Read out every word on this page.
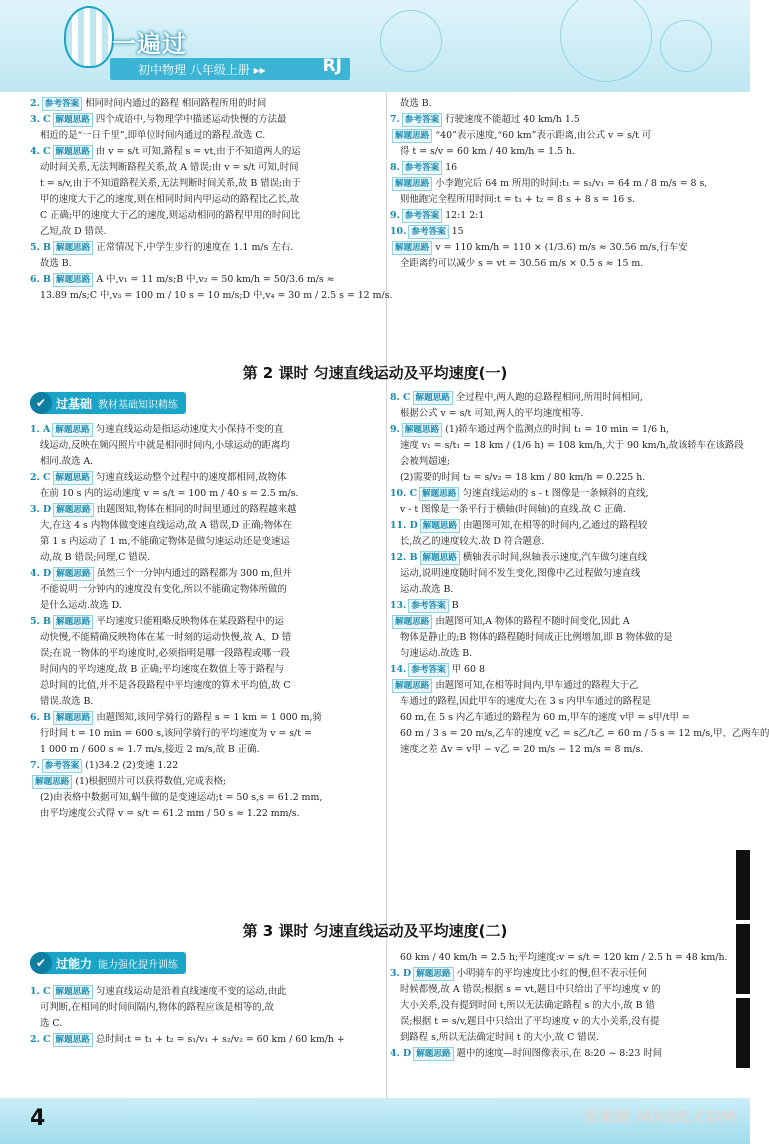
一遍过
初中物理 八年级上册 ▸▸	RJ
2. 参考答案 相同时间内通过的路程 相同路程所用的时间
3. C 解题思路 四个成语中,与物理学中描述运动快慢的方法最
相近的是“一日千里”,即单位时间内通过的路程.故选 C.
4. C 解题思路 由 v = s/t 可知,路程 s = vt,由于不知道两人的运
动时间关系,无法判断路程关系,故 A 错误;由 v = s/t 可知,时间
t = s/v,由于不知道路程关系,无法判断时间关系,故 B 错误;由于
甲的速度大于乙的速度,则在相同时间内甲运动的路程比乙长,故
C 正确;甲的速度大于乙的速度,则运动相同的路程甲用的时间比
乙短,故 D 错误.
5. B 解题思路 正常情况下,中学生步行的速度在 1.1 m/s 左右.
故选 B.
6. B 解题思路 A 中,v₁ = 11 m/s;B 中,v₂ = 50 km/h = 50/3.6 m/s ≈
13.89 m/s;C 中,v₃ = 100 m / 10 s = 10 m/s;D 中,v₄ = 30 m / 2.5 s = 12 m/s.
故选 B.
7. 参考答案 行驶速度不能超过 40 km/h 1.5
解题思路 “40”表示速度,“60 km”表示距离,由公式 v = s/t 可
得 t = s/v = 60 km / 40 km/h = 1.5 h.
8. 参考答案 16
解题思路 小李跑完后 64 m 所用的时间:t₁ = s₁/v₁ = 64 m / 8 m/s = 8 s,
则他跑完全程所用时间:t = t₁ + t₂ = 8 s + 8 s = 16 s.
9. 参考答案 12:1 2:1
10. 参考答案 15
解题思路 v = 110 km/h = 110 × (1/3.6) m/s ≈ 30.56 m/s,行车安
全距离约可以减少 s = vt = 30.56 m/s × 0.5 s ≈ 15 m.
第 2 课时 匀速直线运动及平均速度(一)
✔ 过基础 教材基础知识精练
1. A 解题思路 匀速直线运动是指运动速度大小保持不变的直
线运动,反映在频闪照片中就是相同时间内,小球运动的距离均
相同.故选 A.
2. C 解题思路 匀速直线运动整个过程中的速度都相同,故物体
在前 10 s 内的运动速度 v = s/t = 100 m / 40 s = 2.5 m/s.
3. D 解题思路 由题图知,物体在相同的时间里通过的路程越来越
大,在这 4 s 内物体做变速直线运动,故 A 错误,D 正确;物体在
第 1 s 内运动了 1 m,不能确定物体是做匀速运动还是变速运
动,故 B 错误;同理,C 错误.
4. D 解题思路 虽然三个一分钟内通过的路程都为 300 m,但并
不能说明一分钟内的速度没有变化,所以不能确定物体所做的
是什么运动.故选 D.
5. B 解题思路 平均速度只能粗略反映物体在某段路程中的运
动快慢,不能精确反映物体在某一时刻的运动快慢,故 A、D 错
误;在说一物体的平均速度时,必须指明是哪一段路程或哪一段
时间内的平均速度,故 B 正确;平均速度在数值上等于路程与
总时间的比值,并不是各段路程中平均速度的算术平均值,故 C
错误.故选 B.
6. B 解题思路 由题图知,该同学骑行的路程 s = 1 km = 1 000 m,骑
行时间 t = 10 min = 600 s,该同学骑行的平均速度为 v = s/t =
1 000 m / 600 s ≈ 1.7 m/s,接近 2 m/s,故 B 正确.
7. 参考答案 (1)34.2 (2)变速 1.22
解题思路 (1)根据照片可以获得数值,完成表格;
(2)由表格中数据可知,蜗牛做的是变速运动;t = 50 s,s = 61.2 mm,
由平均速度公式得 v = s/t = 61.2 mm / 50 s ≈ 1.22 mm/s.
8. C 解题思路 全过程中,两人跑的总路程相同,所用时间相同,
根据公式 v = s/t 可知,两人的平均速度相等.
9. 解题思路 (1)轿车通过两个监测点的时间 t₁ = 10 min = 1/6 h,
速度 v₁ = s/t₁ = 18 km / (1/6 h) = 108 km/h,大于 90 km/h,故该轿车在该路段
会被判超速;
(2)需要的时间 t₂ = s/v₂ = 18 km / 80 km/h = 0.225 h.
10. C 解题思路 匀速直线运动的 s - t 图像是一条倾斜的直线,
v - t 图像是一条平行于横轴(时间轴)的直线.故 C 正确.
11. D 解题思路 由题图可知,在相等的时间内,乙通过的路程较
长,故乙的速度较大.故 D 符合题意.
12. B 解题思路 横轴表示时间,纵轴表示速度,汽车做匀速直线
运动,说明速度随时间不发生变化,图像中乙过程做匀速直线
运动.故选 B.
13. 参考答案 B
解题思路 由题图可知,A 物体的路程不随时间变化,因此 A
物体是静止的;B 物体的路程随时间成正比例增加,即 B 物体做的是
匀速运动.故选 B.
14. 参考答案 甲 60 8
解题思路 由题图可知,在相等时间内,甲车通过的路程大于乙
车通过的路程,因此甲车的速度大;在 3 s 内甲车通过的路程是
60 m,在 5 s 内乙车通过的路程为 60 m,甲车的速度 v甲 = s甲/t甲 =
60 m / 3 s = 20 m/s,乙车的速度 v乙 = s乙/t乙 = 60 m / 5 s = 12 m/s,甲、乙两车的
速度之差 Δv = v甲 − v乙 = 20 m/s − 12 m/s = 8 m/s.
第 3 课时 匀速直线运动及平均速度(二)
✔ 过能力 能力强化提升训练
1. C 解题思路 匀速直线运动是沿着直线速度不变的运动,由此
可判断,在相同的时间间隔内,物体的路程应该是相等的,故
选 C.
2. C 解题思路 总时间:t = t₁ + t₂ = s₁/v₁ + s₂/v₂ = 60 km / 60 km/h +
60 km / 40 km/h = 2.5 h;平均速度:v = s/t = 120 km / 2.5 h = 48 km/h.
3. D 解题思路 小明骑车的平均速度比小红的慢,但不表示任何
时候都慢,故 A 错误;根据 s = vt,题目中只给出了平均速度 v 的
大小关系,没有提到时间 t,所以无法确定路程 s 的大小,故 B 错
误;根据 t = s/v,题目中只给出了平均速度 v 的大小关系,没有提
到路程 s,所以无法确定时间 t 的大小,故 C 错误.
4. D 解题思路 题中的速度—时间图像表示,在 8:20 ~ 8:23 时间
4	答案圈 MXQE.COM
